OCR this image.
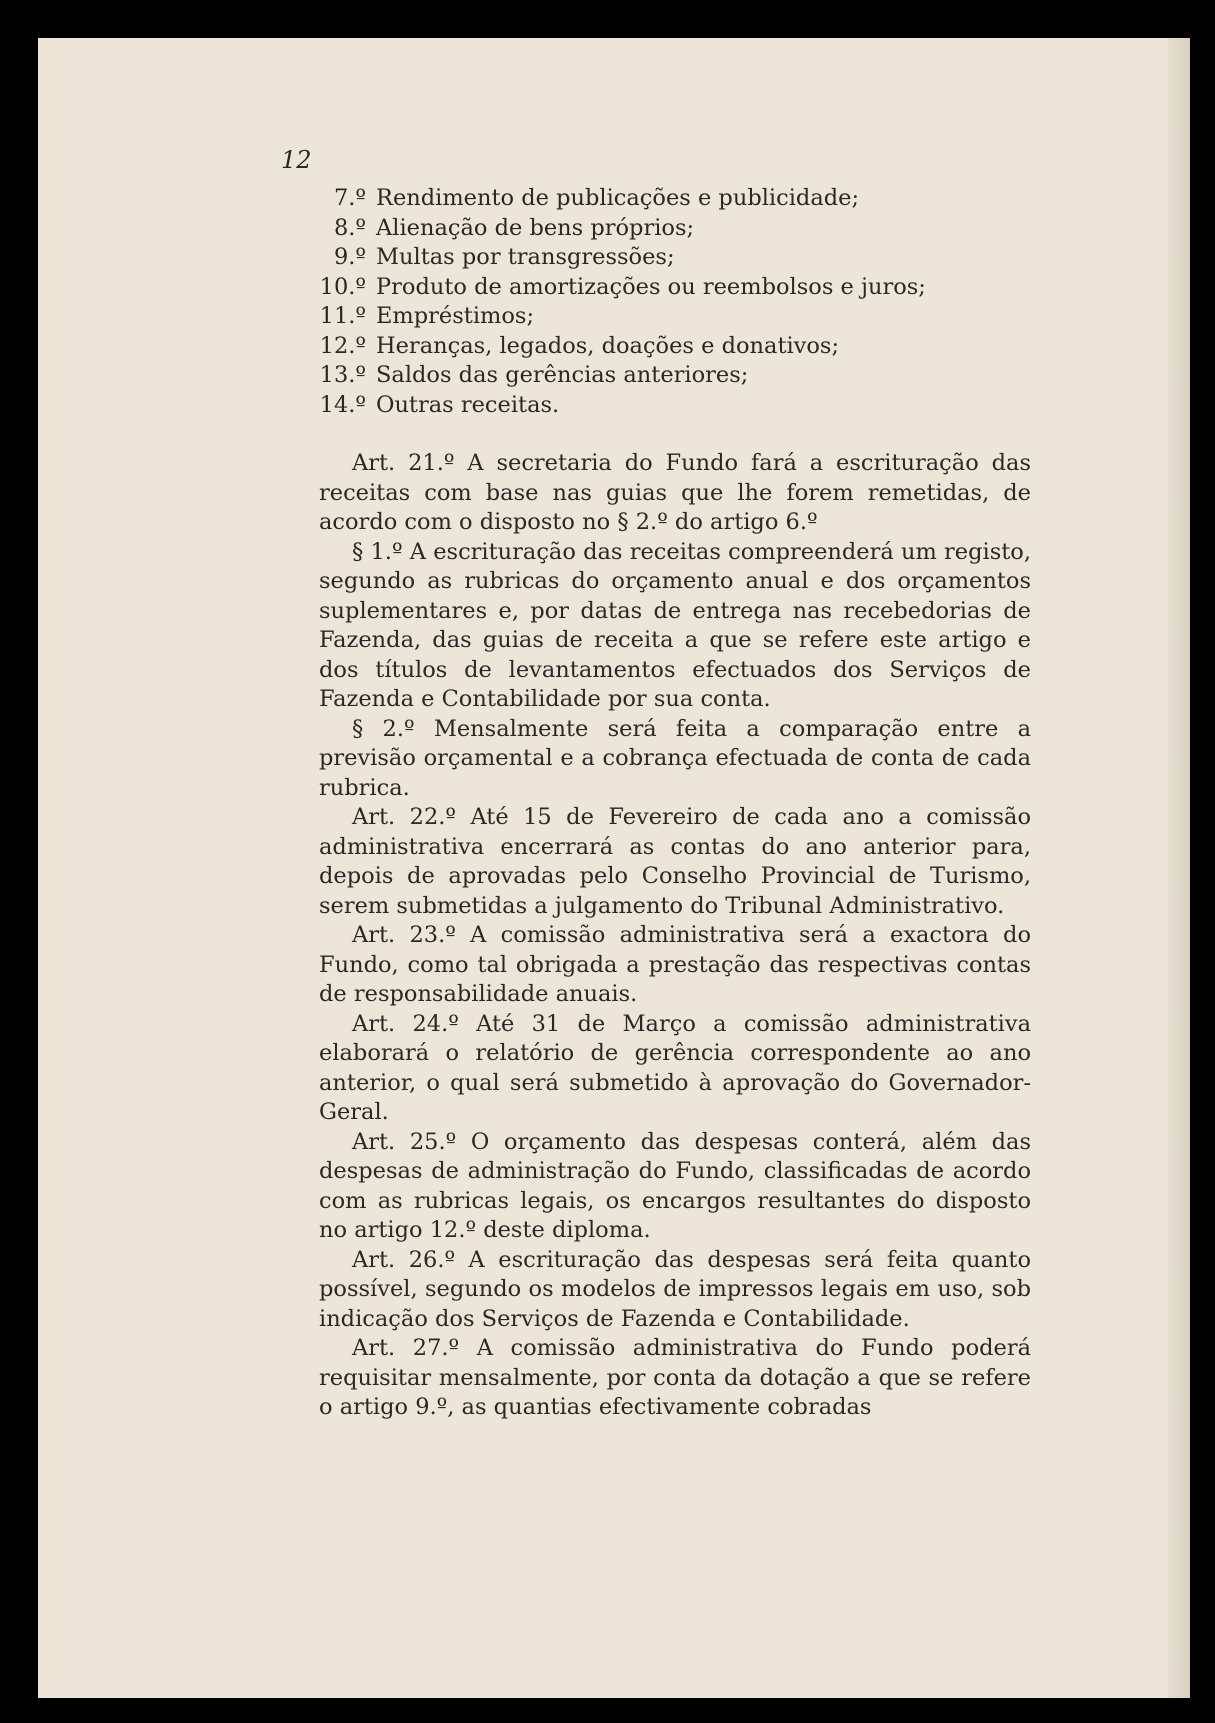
12

7.º Rendimento de publicações e publicidade;

8.º Alienação de bens próprios;

9.º Multas por transgressões;

10.º Produto de amortizações ou reembolsos e juros;

11.º Empréstimos;

12.º Heranças, legados, doações e donativos;

13.º Saldos das gerências anteriores;

14.º Outras receitas.

Art. 21.º A secretaria do Fundo fará a escrituração das receitas com base nas guias que lhe forem remetidas, de acordo com o disposto no § 2.º do artigo 6.º

§ 1.º A escrituração das receitas compreenderá um registo, segundo as rubricas do orçamento anual e dos orçamentos suplementares e, por datas de entrega nas recebedorias de Fazenda, das guias de receita a que se refere este artigo e dos títulos de levantamentos efectuados dos Serviços de Fazenda e Contabilidade por sua conta.

§ 2.º Mensalmente será feita a comparação entre a previsão orçamental e a cobrança efectuada de conta de cada rubrica.

Art. 22.º Até 15 de Fevereiro de cada ano a comissão administrativa encerrará as contas do ano anterior para, depois de aprovadas pelo Conselho Provincial de Turismo, serem submetidas a julgamento do Tribunal Administrativo.

Art. 23.º A comissão administrativa será a exactora do Fundo, como tal obrigada a prestação das respectivas contas de responsabilidade anuais.

Art. 24.º Até 31 de Março a comissão administrativa elaborará o relatório de gerência correspondente ao ano anterior, o qual será submetido à aprovação do Governador-Geral.

Art. 25.º O orçamento das despesas conterá, além das despesas de administração do Fundo, classificadas de acordo com as rubricas legais, os encargos resultantes do disposto no artigo 12.º deste diploma.

Art. 26.º A escrituração das despesas será feita quanto possível, segundo os modelos de impressos legais em uso, sob indicação dos Serviços de Fazenda e Contabilidade.

Art. 27.º A comissão administrativa do Fundo poderá requisitar mensalmente, por conta da dotação a que se refere o artigo 9.º, as quantias efectivamente cobradas
